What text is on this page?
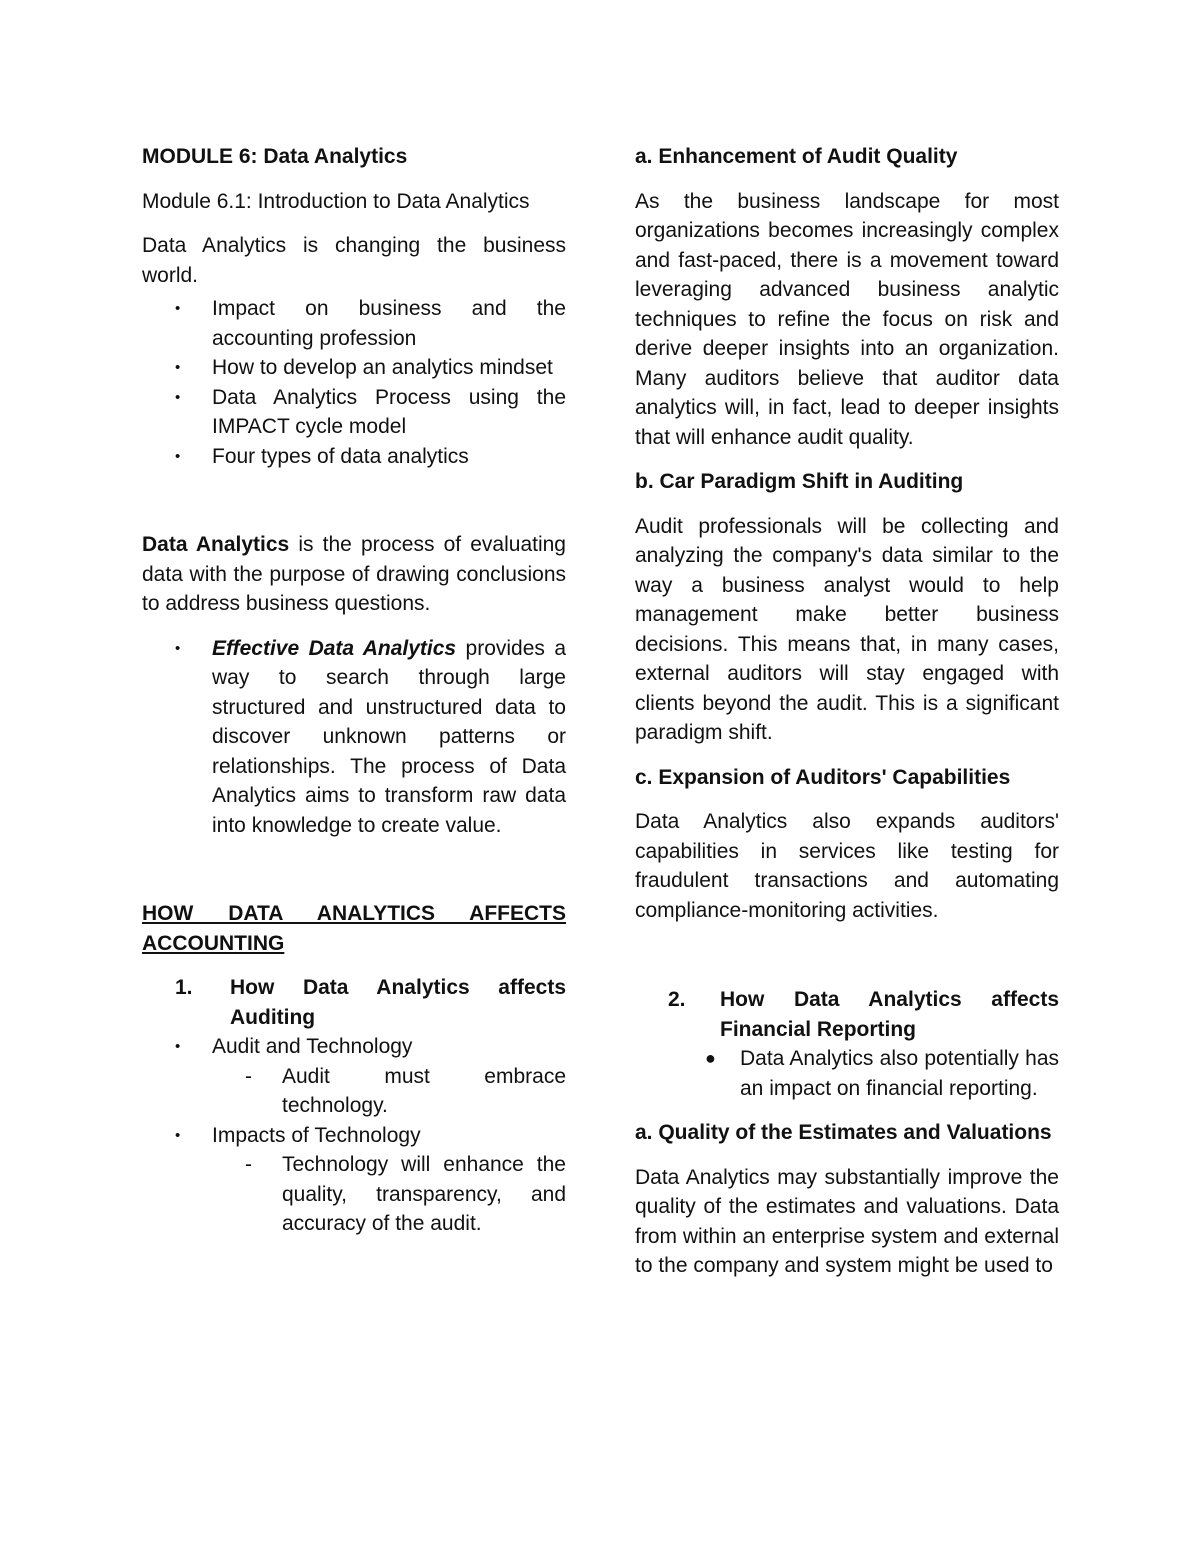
MODULE 6: Data Analytics

Module 6.1: Introduction to Data Analytics

Data Analytics is changing the business world.

• Impact on business and the accounting profession
• How to develop an analytics mindset
• Data Analytics Process using the IMPACT cycle model
• Four types of data analytics

Data Analytics is the process of evaluating data with the purpose of drawing conclusions to address business questions.

• Effective Data Analytics provides a way to search through large structured and unstructured data to discover unknown patterns or relationships. The process of Data Analytics aims to transform raw data into knowledge to create value.

HOW DATA ANALYTICS AFFECTS ACCOUNTING

1. How Data Analytics affects Auditing
• Audit and Technology
- Audit must embrace technology.
• Impacts of Technology
- Technology will enhance the quality, transparency, and accuracy of the audit.

a. Enhancement of Audit Quality

As the business landscape for most organizations becomes increasingly complex and fast-paced, there is a movement toward leveraging advanced business analytic techniques to refine the focus on risk and derive deeper insights into an organization. Many auditors believe that auditor data analytics will, in fact, lead to deeper insights that will enhance audit quality.

b. Car Paradigm Shift in Auditing

Audit professionals will be collecting and analyzing the company's data similar to the way a business analyst would to help management make better business decisions. This means that, in many cases, external auditors will stay engaged with clients beyond the audit. This is a significant paradigm shift.

c. Expansion of Auditors' Capabilities

Data Analytics also expands auditors' capabilities in services like testing for fraudulent transactions and automating compliance-monitoring activities.

2. How Data Analytics affects Financial Reporting
● Data Analytics also potentially has an impact on financial reporting.

a. Quality of the Estimates and Valuations

Data Analytics may substantially improve the quality of the estimates and valuations. Data from within an enterprise system and external to the company and system might be used to
